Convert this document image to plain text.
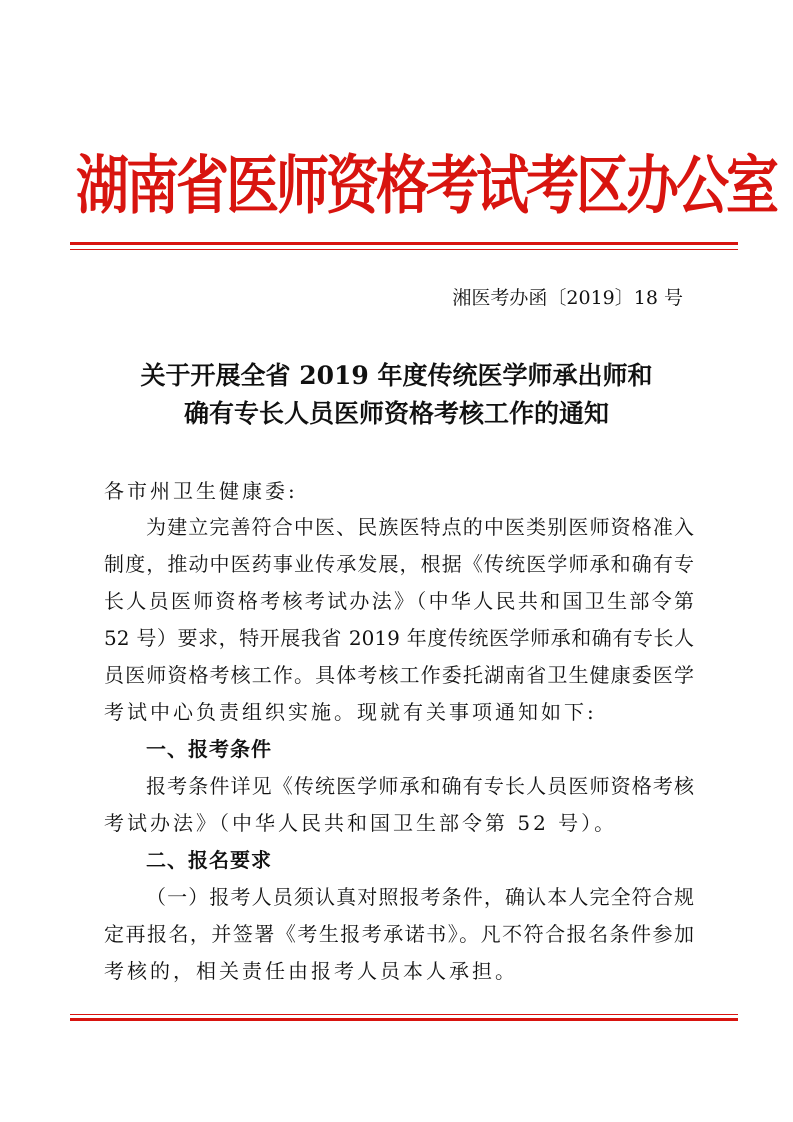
湖南省医师资格考试考区办公室
湘医考办函〔2019〕18 号
关于开展全省 2019 年度传统医学师承出师和
确有专长人员医师资格考核工作的通知
各市州卫生健康委:
为建立完善符合中医、民族医特点的中医类别医师资格准入
制度，推动中医药事业传承发展，根据《传统医学师承和确有专
长人员医师资格考核考试办法》（中华人民共和国卫生部令第
52 号）要求，特开展我省 2019 年度传统医学师承和确有专长人
员医师资格考核工作。具体考核工作委托湖南省卫生健康委医学
考试中心负责组织实施。现就有关事项通知如下:
一、报考条件
报考条件详见《传统医学师承和确有专长人员医师资格考核
考试办法》（中华人民共和国卫生部令第 52 号）。
二、报名要求
（一）报考人员须认真对照报考条件，确认本人完全符合规
定再报名，并签署《考生报考承诺书》。凡不符合报名条件参加
考核的，相关责任由报考人员本人承担。
